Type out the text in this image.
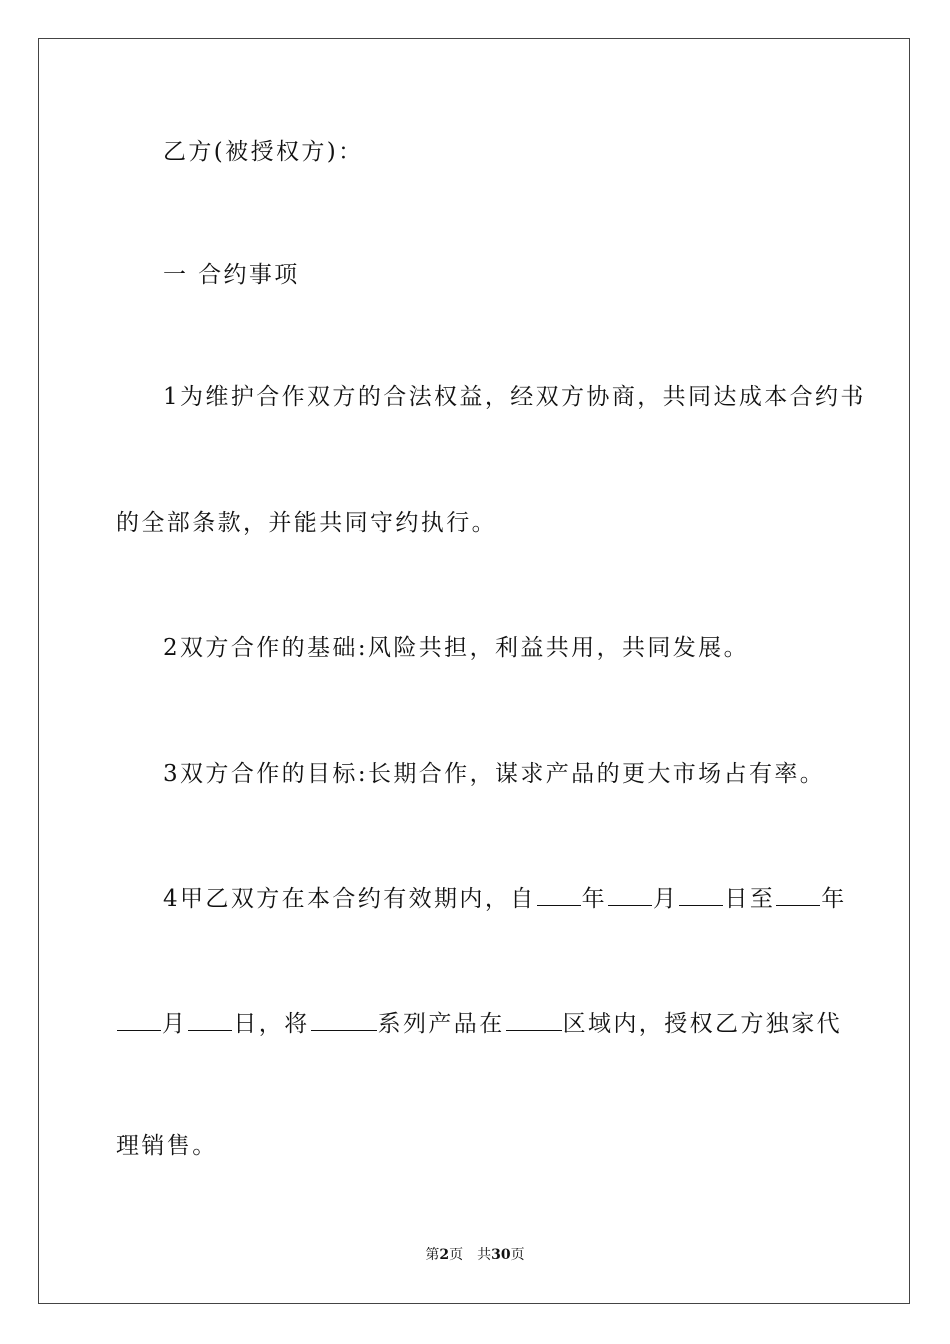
乙方(被授权方)：
一 合约事项
1为维护合作双方的合法权益，经双方协商，共同达成本合约书
的全部条款，并能共同守约执行。
2双方合作的基础:风险共担，利益共用，共同发展。
3双方合作的目标:长期合作，谋求产品的更大市场占有率。
4甲乙双方在本合约有效期内，自 年 月 日至 年
月 日，将	系列产品在	区域内，授权乙方独家代
理销售。
第2页 共30页
